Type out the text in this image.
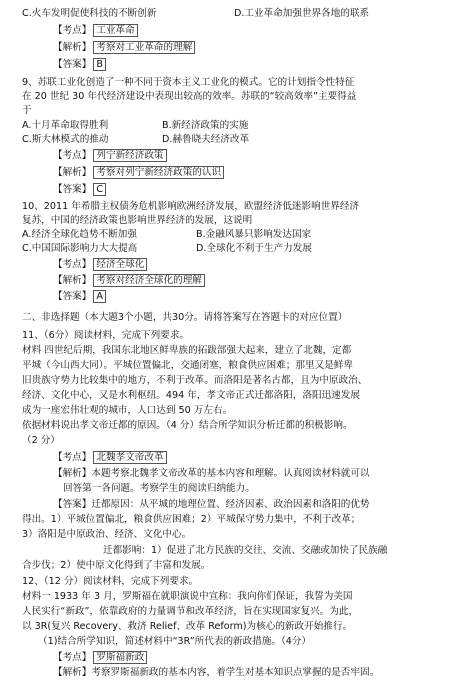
C.火车发明促使科技的不断创新	D.工业革命加强世界各地的联系
【考点】 工业革命
【解析】 考察对工业革命的理解
【答案】 B
9、苏联工业化创造了一种不同于资本主义工业化的模式。它的计划指令性特征
在 20 世纪 30 年代经济建设中表现出较高的效率。苏联的“较高效率”主要得益
于
A.十月革命取得胜利	B.新经济政策的实施
C.斯大林模式的推动	D.赫鲁晓夫经济改革
【考点】 列宁新经济政策
【解析】 考察对列宁新经济政策的认识
【答案】 C
10、2011 年希腊主权债务危机影响欧洲经济发展，欧盟经济低迷影响世界经济
复苏，中国的经济政策也影响世界经济的发展，这说明
A.经济全球化趋势不断加强	B.金融风暴只影响发达国家
C.中国国际影响力大大提高	D.全球化不利于生产力发展
【考点】 经济全球化
【解析】 考察对经济全球化的理解
【答案】 A
二、非选择题（本大题3个小题，共30分。请将答案写在答题卡的对应位置）
11、（6分）阅读材料，完成下列要求。
材料 四世纪后期，我国东北地区鲜卑族的拓跋部强大起来，建立了北魏，定都
平城（今山西大同）。平城位置偏北，交通闭塞，粮食供应困难；那里又是鲜卑
旧贵族守势力比较集中的地方，不利于改革。而洛阳是著名古都，且为中原政治、
经济、文化中心，又是水利枢纽。494 年，孝文帝正式迁都洛阳，洛阳迅速发展
成为一座宏伟壮观的城市，人口达到 50 万左右。
依据材料说出孝文帝迁都的原因。（4 分）结合所学知识分析迁都的积极影响。
（2 分）
【考点】 北魏孝文帝改革
【解析】本题考察北魏孝文帝改革的基本内容和理解。认真阅读材料就可以
回答第一各问题。考察学生的阅读归纳能力。
【答案】迁都原因：从平城的地理位置、经济因素、政治因素和洛阳的优势
得出。1）平城位置偏北，粮食供应困难；2）平城保守势力集中，不利于改革；
3）洛阳是中原政治、经济、文化中心。
迁都影响：1）促进了北方民族的交往、交流、交融或加快了民族融
合步伐；2）使中原文化得到了丰富和发展。
12、（12 分）阅读材料，完成下列要求。
材料一 1933 年 3 月，罗斯福在就职演说中宣称：我向你们保证，我誓为美国
人民实行“新政”，依靠政府的力量调节和改革经济，旨在实现国家复兴。为此，
以 3R(复兴 Recovery、救济 Relief、改革 Reform)为核心的新政开始推行。
（1)结合所学知识，简述材料中“3R”所代表的新政措施。（4分）
【考点】 罗斯福新政
【解析】考察罗斯福新政的基本内容，着学生对基本知识点掌握的是否牢固。
